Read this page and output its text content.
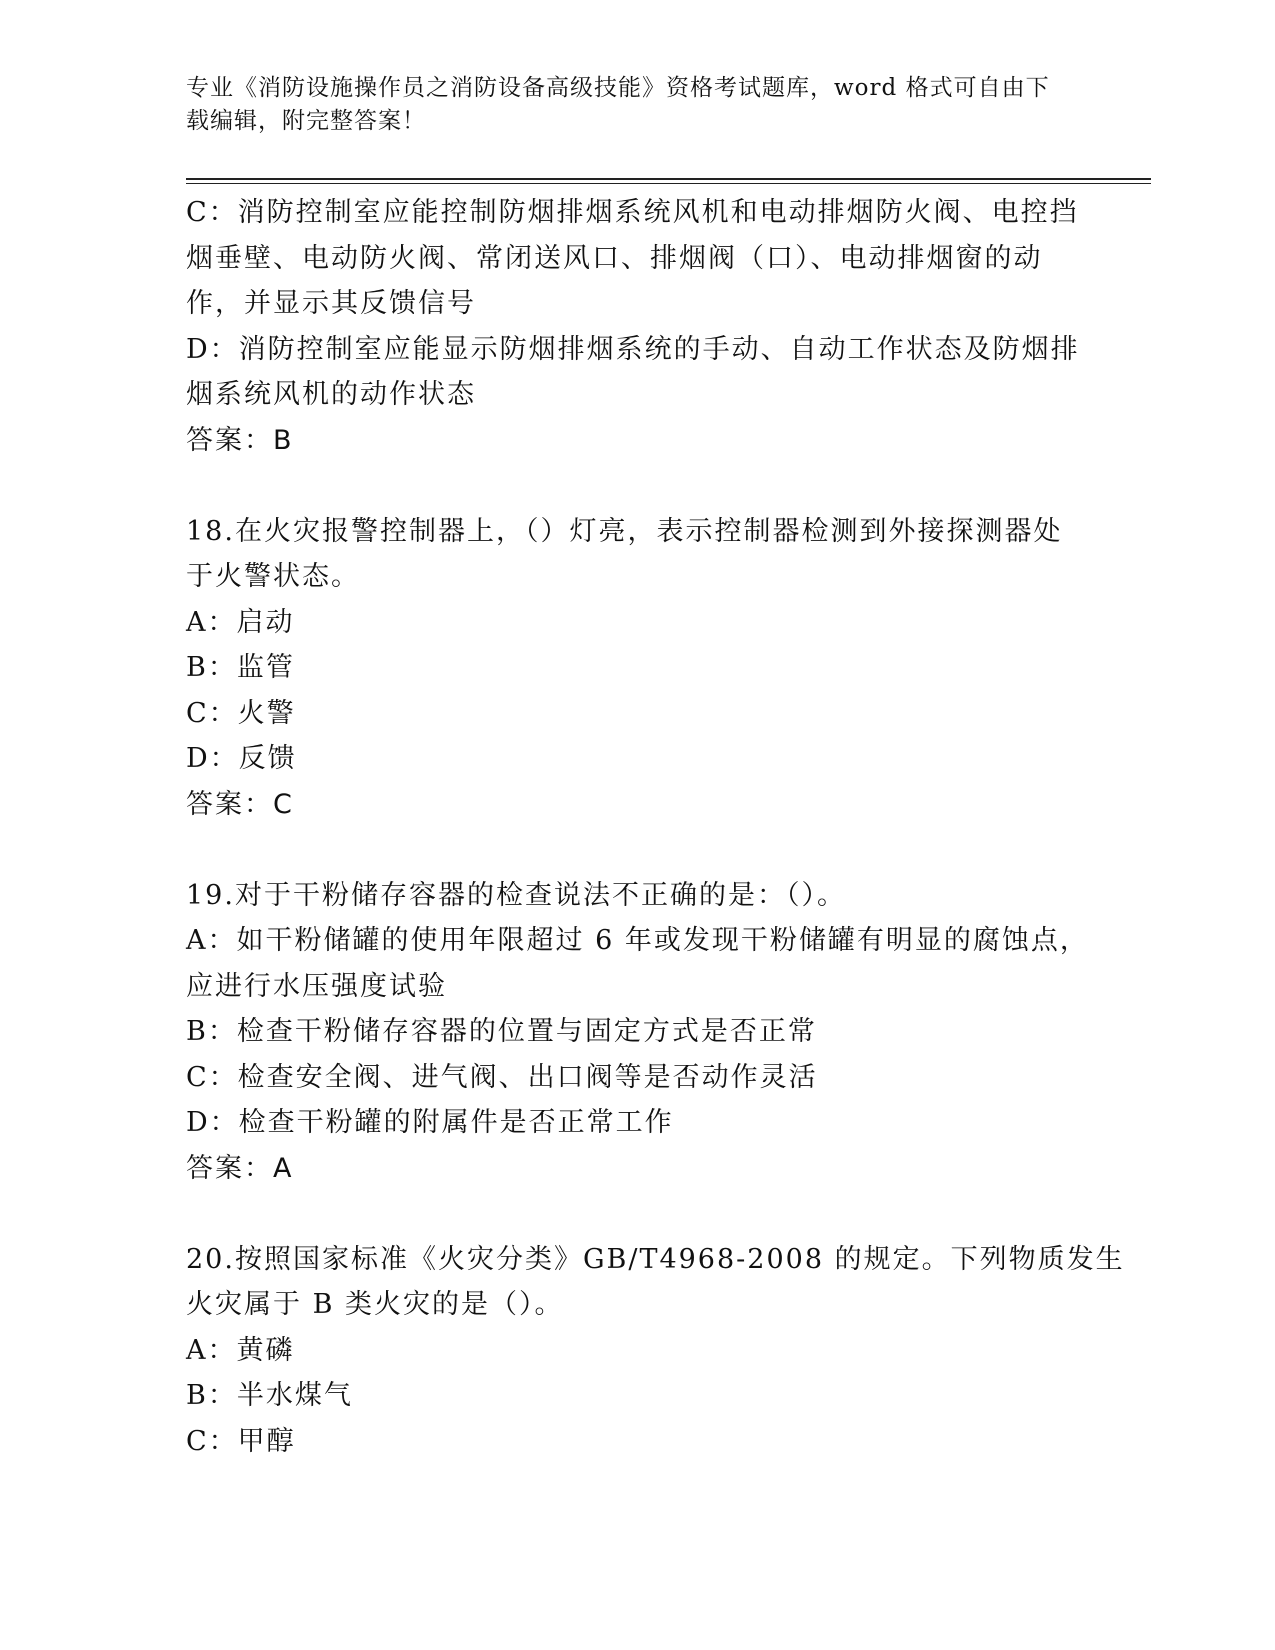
专业《消防设施操作员之消防设备高级技能》资格考试题库，word 格式可自由下
载编辑，附完整答案！
C：消防控制室应能控制防烟排烟系统风机和电动排烟防火阀、电控挡
烟垂壁、电动防火阀、常闭送风口、排烟阀（口）、电动排烟窗的动
作，并显示其反馈信号
D：消防控制室应能显示防烟排烟系统的手动、自动工作状态及防烟排
烟系统风机的动作状态
答案：B
18.在火灾报警控制器上，（）灯亮，表示控制器检测到外接探测器处
于火警状态。
A：启动
B：监管
C：火警
D：反馈
答案：C
19.对于干粉储存容器的检查说法不正确的是：（）。
A：如干粉储罐的使用年限超过 6 年或发现干粉储罐有明显的腐蚀点，
应进行水压强度试验
B：检查干粉储存容器的位置与固定方式是否正常
C：检查安全阀、进气阀、出口阀等是否动作灵活
D：检查干粉罐的附属件是否正常工作
答案：A
20.按照国家标准《火灾分类》GB/T4968-2008 的规定。下列物质发生
火灾属于 B 类火灾的是（）。
A：黄磷
B：半水煤气
C：甲醇
